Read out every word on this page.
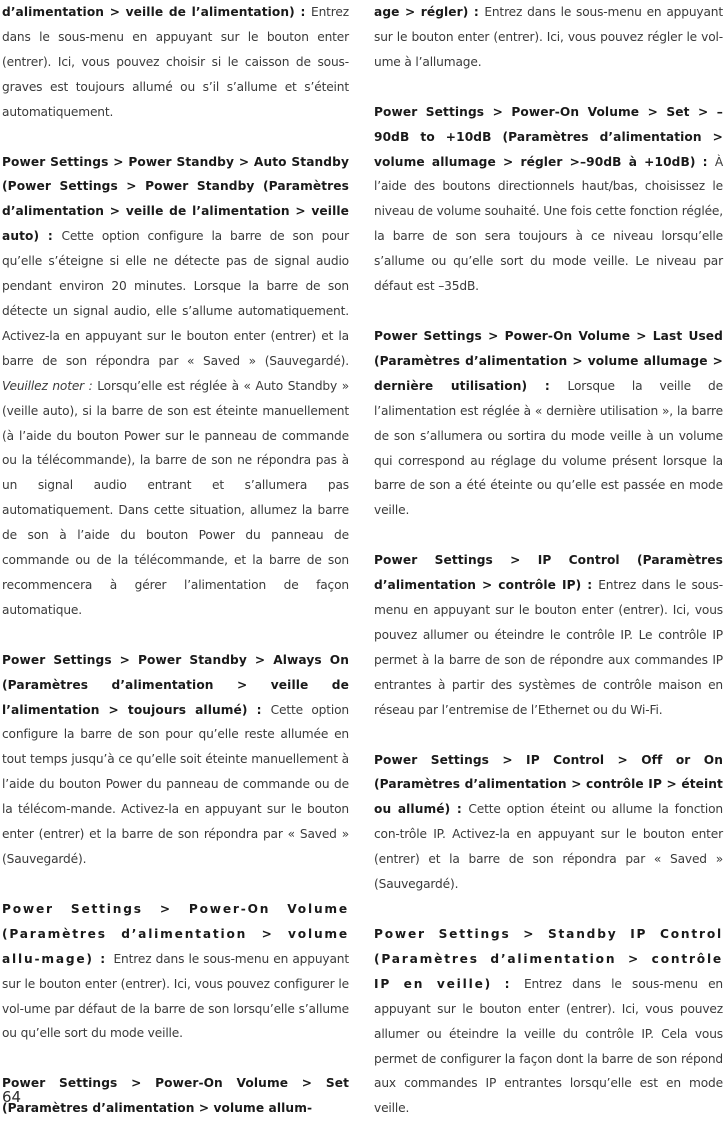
d’alimentation > veille de l’alimentation) : Entrez dans le sous-menu en appuyant sur le bouton enter (entrer). Ici, vous pouvez choisir si le caisson de sous-graves est toujours allumé ou s’il s’allume et s’éteint automatiquement.

Power Settings > Power Standby > Auto Standby (Power Settings > Power Standby (Paramètres d’alimentation > veille de l’alimentation > veille auto) : Cette option configure la barre de son pour qu’elle s’éteigne si elle ne détecte pas de signal audio pendant environ 20 minutes. Lorsque la barre de son détecte un signal audio, elle s’allume automatiquement. Activez-la en appuyant sur le bouton enter (entrer) et la barre de son répondra par « Saved » (Sauvegardé). Veuillez noter : Lorsqu’elle est réglée à « Auto Standby » (veille auto), si la barre de son est éteinte manuellement (à l’aide du bouton Power sur le panneau de commande ou la télécommande), la barre de son ne répondra pas à un signal audio entrant et s’allumera pas automatiquement. Dans cette situation, allumez la barre de son à l’aide du bouton Power du panneau de commande ou de la télécommande, et la barre de son recommencera à gérer l’alimentation de façon automatique.

Power Settings > Power Standby > Always On (Paramètres d’alimentation > veille de l’alimentation > toujours allumé) : Cette option configure la barre de son pour qu’elle reste allumée en tout temps jusqu’à ce qu’elle soit éteinte manuellement à l’aide du bouton Power du panneau de commande ou de la télécom-mande. Activez-la en appuyant sur le bouton enter (entrer) et la barre de son répondra par « Saved » (Sauvegardé).

Power Settings > Power-On Volume (Paramètres d’alimentation > volume allu-mage) : Entrez dans le sous-menu en appuyant sur le bouton enter (entrer). Ici, vous pouvez configurer le vol-ume par défaut de la barre de son lorsqu’elle s’allume ou qu’elle sort du mode veille.

Power Settings > Power-On Volume > Set (Paramètres d’alimentation > volume allum-

age > régler) : Entrez dans le sous-menu en appuyant sur le bouton enter (entrer). Ici, vous pouvez régler le vol-ume à l’allumage.

Power Settings > Power-On Volume > Set > –90dB to +10dB (Paramètres d’alimentation > volume allumage > régler >–90dB à +10dB) : À l’aide des boutons directionnels haut/bas, choisissez le niveau de volume souhaité. Une fois cette fonction réglée, la barre de son sera toujours à ce niveau lorsqu’elle s’allume ou qu’elle sort du mode veille. Le niveau par défaut est –35dB.

Power Settings > Power-On Volume > Last Used (Paramètres d’alimentation > volume allumage > dernière utilisation) : Lorsque la veille de l’alimentation est réglée à « dernière utilisation », la barre de son s’allumera ou sortira du mode veille à un volume qui correspond au réglage du volume présent lorsque la barre de son a été éteinte ou qu’elle est passée en mode veille.

Power Settings > IP Control (Paramètres d’alimentation > contrôle IP) : Entrez dans le sous-menu en appuyant sur le bouton enter (entrer). Ici, vous pouvez allumer ou éteindre le contrôle IP. Le contrôle IP permet à la barre de son de répondre aux commandes IP entrantes à partir des systèmes de contrôle maison en réseau par l’entremise de l’Ethernet ou du Wi-Fi.

Power Settings > IP Control > Off or On (Paramètres d’alimentation > contrôle IP > éteint ou allumé) : Cette option éteint ou allume la fonction con-trôle IP. Activez-la en appuyant sur le bouton enter (entrer) et la barre de son répondra par « Saved » (Sauvegardé).

Power Settings > Standby IP Control (Paramètres d’alimentation > contrôle IP en veille) : Entrez dans le sous-menu en appuyant sur le bouton enter (entrer). Ici, vous pouvez allumer ou éteindre la veille du contrôle IP. Cela vous permet de configurer la façon dont la barre de son répond aux commandes IP entrantes lorsqu’elle est en mode veille.

64
